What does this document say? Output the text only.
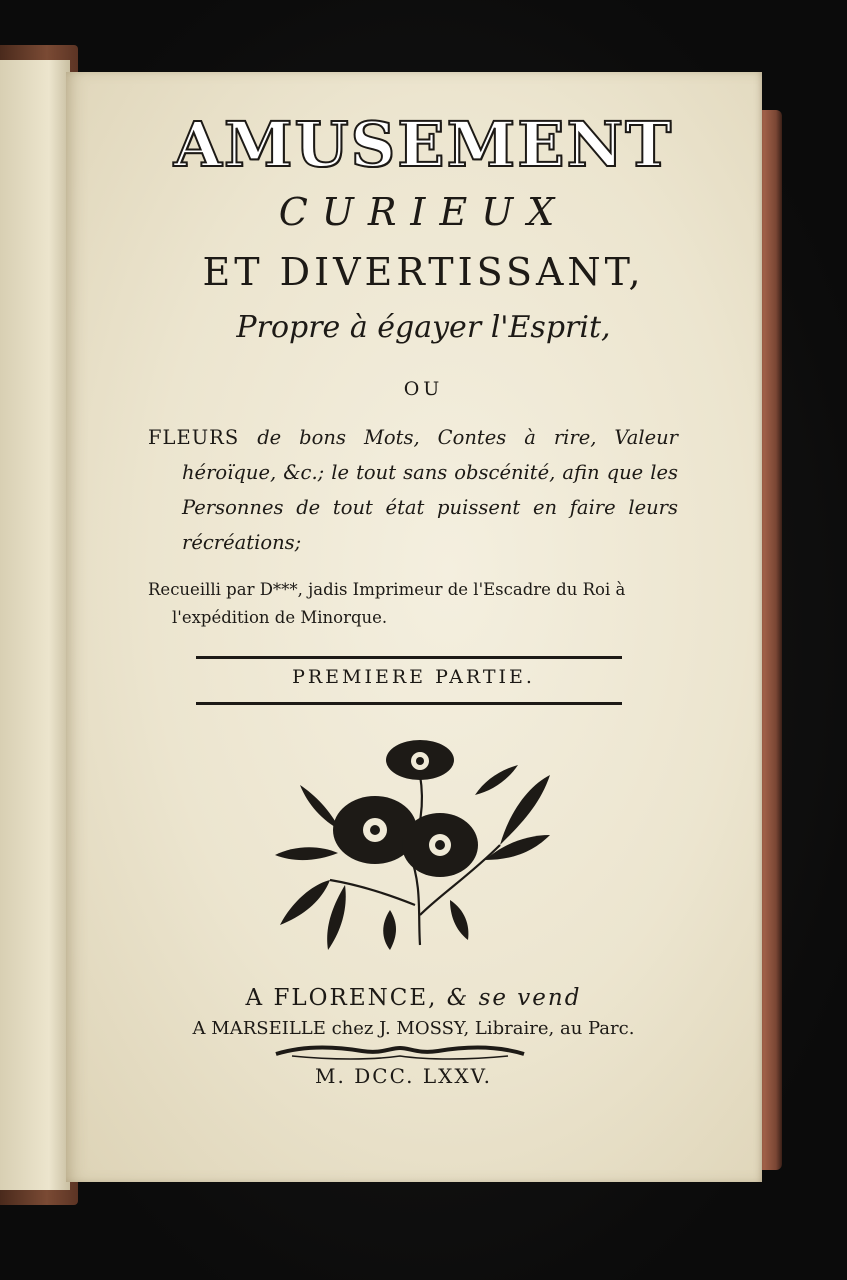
AMUSEMENT
CURIEUX
ET DIVERTISSANT,
Propre à égayer l'Esprit,
OU
FLEURS de bons Mots, Contes à rire, Valeur
héroïque, &c.; le tout sans obscénité, afin que les
Personnes de tout état puissent en faire leurs
récréations;
Recueilli par D***, jadis Imprimeur de l'Escadre du Roi à
l'expédition de Minorque.
PREMIERE PARTIE.
A FLORENCE, & se vend
A MARSEILLE chez J. MOSSY, Libraire, au Parc.
M. DCC. LXXV.
